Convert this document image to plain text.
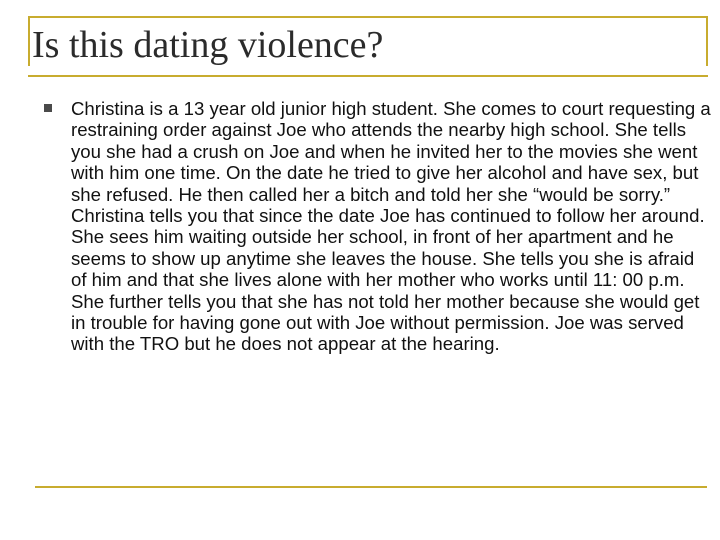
Is this dating violence?

Christina is a 13 year old junior high student. She comes to court requesting a restraining order against Joe who attends the nearby high school. She tells you she had a crush on Joe and when he invited her to the movies she went with him one time. On the date he tried to give her alcohol and have sex, but she refused. He then called her a bitch and told her she “would be sorry.” Christina tells you that since the date Joe has continued to follow her around. She sees him waiting outside her school, in front of her apartment and he seems to show up anytime she leaves the house. She tells you she is afraid of him and that she lives alone with her mother who works until 11: 00 p.m. She further tells you that she has not told her mother because she would get in trouble for having gone out with Joe without permission. Joe was served with the TRO but he does not appear at the hearing.
